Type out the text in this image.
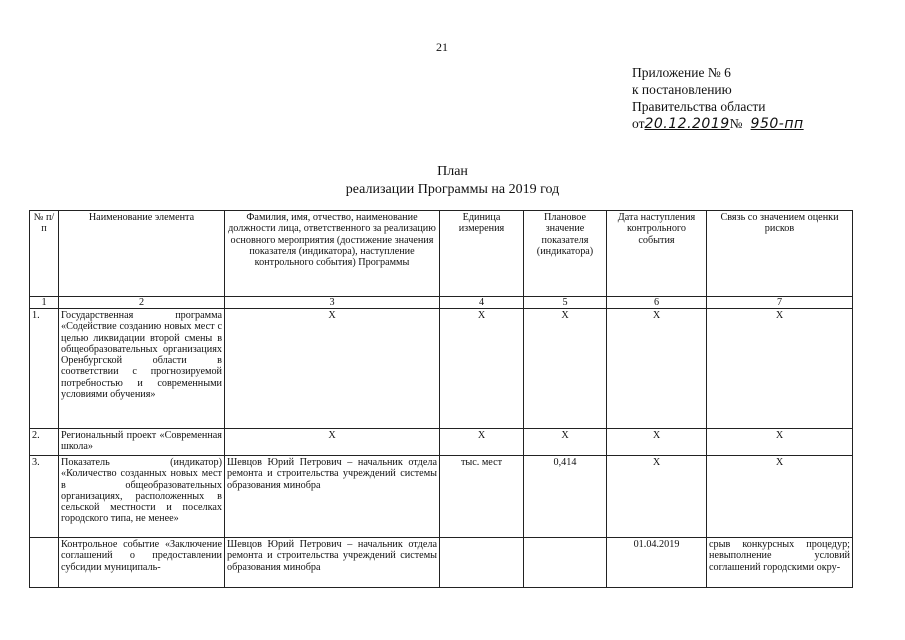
21
Приложение № 6
к постановлению
Правительства области
от20.12.2019№ 950-пп
План
реализации Программы на 2019 год
№ п/п	Наименование элемента	Фамилия, имя, отчество, наименование должности лица, ответственного за реализацию основного мероприятия (достижение значения показателя (индикатора), наступление контрольного события) Программы	Единица измерения	Плановое значение показателя (индикатора)	Дата наступления контрольного события	Связь со значением оценки рисков
1	2	3	4	5	6	7
1.	Государственная программа «Содействие созданию новых мест с целью ликвидации второй смены в общеобразовательных организациях Оренбургской области в соответствии с прогнозируемой потребностью и современными условиями обучения»	Х	Х	Х	Х	Х
2.	Региональный проект «Современная школа»	Х	Х	Х	Х	Х
3.	Показатель (индикатор) «Количество созданных новых мест в общеобразовательных организациях, расположенных в сельской местности и поселках городского типа, не менее»	Шевцов Юрий Петрович – начальник отдела ремонта и строительства учреждений системы образования минобра	тыс. мест	0,414	Х	Х
	Контрольное событие «Заключение соглашений о предоставлении субсидии муниципаль-	Шевцов Юрий Петрович – начальник отдела ремонта и строительства учреждений системы образования минобра			01.04.2019	срыв конкурсных процедур; невыполнение условий соглашений городскими окру-
